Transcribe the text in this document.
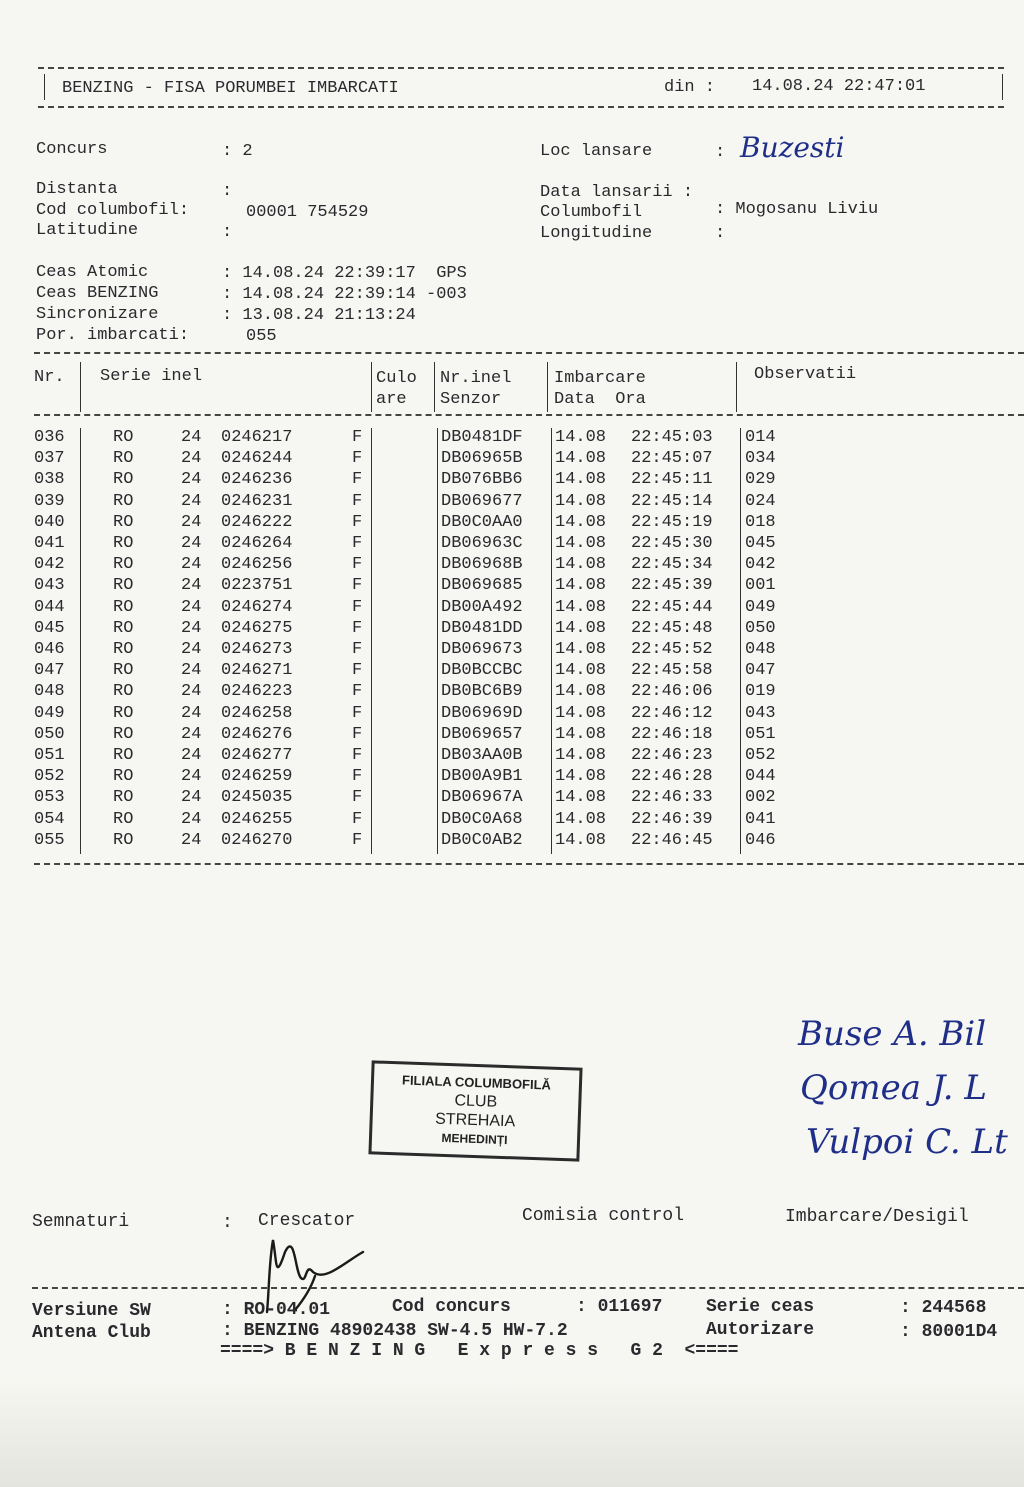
BENZING - FISA PORUMBEI IMBARCATI	din : 14.08.24 22:47:01
Concurs	: 2	Loc lansare	: Buzesti
Distanta	:
Cod columbofil:	00001 754529
Latitudine	:
Data lansarii :
Columbofil	: Mogosanu Liviu
Longitudine	:
Ceas Atomic	: 14.08.24 22:39:17  GPS
Ceas BENZING	: 14.08.24 22:39:14 -003
Sincronizare	: 13.08.24 21:13:24
Por. imbarcati:	055
Nr. Serie inel	Culo
are
Nr.inel
Senzor
Imbarcare
Data  Ora
Observatii
036	RO	24 0246217	F	DB0481DF 14.08 22:45:03 014
037	RO	24 0246244	F	DB06965B 14.08 22:45:07 034
038	RO	24 0246236	F	DB076BB6 14.08 22:45:11 029
039	RO	24 0246231	F	DB069677 14.08 22:45:14 024
040	RO	24 0246222	F	DB0C0AA0 14.08 22:45:19 018
041	RO	24 0246264	F	DB06963C 14.08 22:45:30 045
042	RO	24 0246256	F	DB06968B 14.08 22:45:34 042
043	RO	24 0223751	F	DB069685 14.08 22:45:39 001
044	RO	24 0246274	F	DB00A492 14.08 22:45:44 049
045	RO	24 0246275	F	DB0481DD 14.08 22:45:48 050
046	RO	24 0246273	F	DB069673 14.08 22:45:52 048
047	RO	24 0246271	F	DB0BCCBC 14.08 22:45:58 047
048	RO	24 0246223	F	DB0BC6B9 14.08 22:46:06 019
049	RO	24 0246258	F	DB06969D 14.08 22:46:12 043
050	RO	24 0246276	F	DB069657 14.08 22:46:18 051
051	RO	24 0246277	F	DB03AA0B 14.08 22:46:23 052
052	RO	24 0246259	F	DB00A9B1 14.08 22:46:28 044
053	RO	24 0245035	F	DB06967A 14.08 22:46:33 002
054	RO	24 0246255	F	DB0C0A68 14.08 22:46:39 041
055	RO	24 0246270	F	DB0C0AB2 14.08 22:46:45 046
Buse A. Bil
Qomea J. L
Vulpoi C. Lt
FILIALA COLUMBOFILĂ
CLUB
STREHAIA
MEHEDINȚI
Semnaturi	: Crescator	Comisia control	Imbarcare/Desigil
Versiune SW	: RO-04.01	Cod concurs	: 011697 Serie ceas	: 244568
Antena Club	: BENZING 48902438 SW-4.5 HW-7.2	Autorizare	: 80001D4
====> B E N Z I N G   E x p r e s s   G 2  <====
